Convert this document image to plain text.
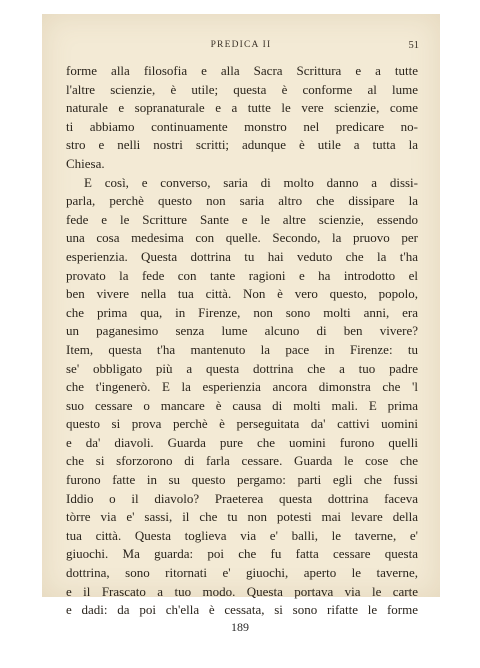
PREDICA II	51
forme alla filosofia e alla Sacra Scrittura e a tutte
l'altre scienzie, è utile; questa è conforme al lume
naturale e sopranaturale e a tutte le vere scienzie, come
ti abbiamo continuamente monstro nel predicare no-
stro e nelli nostri scritti; adunque è utile a tutta la
Chiesa.
E così, e converso, saria di molto danno a dissi-
parla, perchè questo non saria altro che dissipare la
fede e le Scritture Sante e le altre scienzie, essendo
una cosa medesima con quelle. Secondo, la pruovo per
esperienzia. Questa dottrina tu hai veduto che la t'ha
provato la fede con tante ragioni e ha introdotto el
ben vivere nella tua città. Non è vero questo, popolo,
che prima qua, in Firenze, non sono molti anni, era
un paganesimo senza lume alcuno di ben vivere?
Item, questa t'ha mantenuto la pace in Firenze: tu
se' obbligato più a questa dottrina che a tuo padre
che t'ingenerò. E la esperienzia ancora dimonstra che 'l
suo cessare o mancare è causa di molti mali. E prima
questo si prova perchè è perseguitata da' cattivi uomini
e da' diavoli. Guarda pure che uomini furono quelli
che si sforzorono di farla cessare. Guarda le cose che
furono fatte in su questo pergamo: parti egli che fussi
Iddio o il diavolo? Praeterea questa dottrina faceva
tòrre via e' sassi, il che tu non potesti mai levare della
tua città. Questa toglieva via e' balli, le taverne, e'
giuochi. Ma guarda: poi che fu fatta cessare questa
dottrina, sono ritornati e' giuochi, aperto le taverne,
e il Frascato a tuo modo. Questa portava via le carte
e dadi: da poi ch'ella è cessata, si sono rifatte le forme
189
